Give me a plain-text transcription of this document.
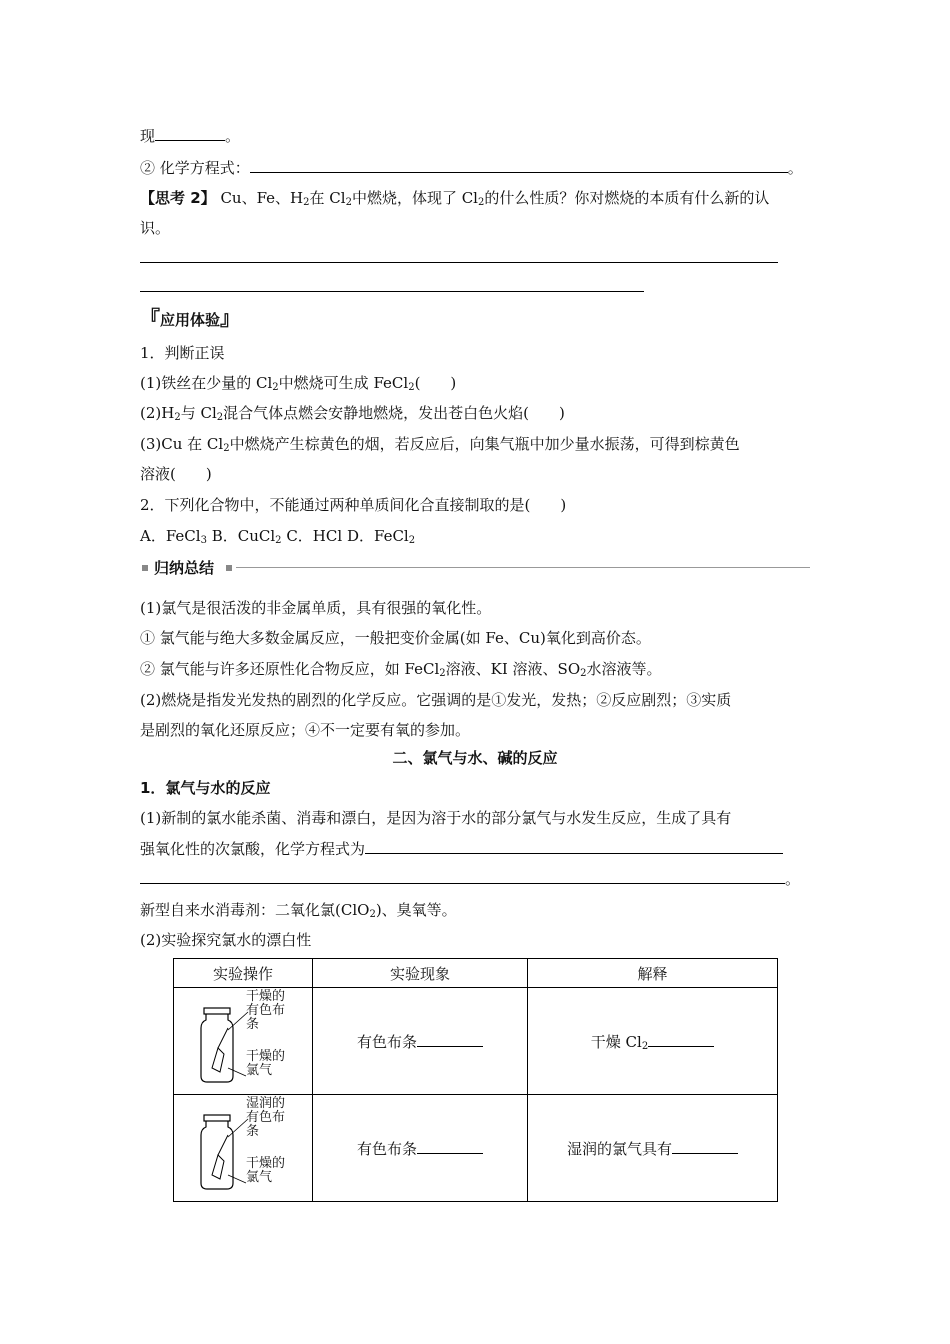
现	。
② 化学方程式：	。
【思考 2】 Cu、Fe、$H_2$在 $Cl_2$中燃烧，体现了 $Cl_2$的什么性质？你对燃烧的本质有什么新的认
识。
『应用体验』
1．判断正误
(1)铁丝在少量的 $Cl_2$中燃烧可生成 FeCl$_2$(　　)
$(2)H_2$与 $Cl_2$混合气体点燃会安静地燃烧，发出苍白色火焰(　　)
(3)Cu 在 $Cl_2$中燃烧产生棕黄色的烟，若反应后，向集气瓶中加少量水振荡，可得到棕黄色
溶液(　　)
2．下列化合物中，不能通过两种单质间化合直接制取的是(　　)
A．FeCl$_3$ B．CuCl$_2$ C．HCl D．FeCl$_2$
归纳总结
(1)氯气是很活泼的非金属单质，具有很强的氧化性。
① 氯气能与绝大多数金属反应，一般把变价金属(如 Fe、Cu)氧化到高价态。
② 氯气能与许多还原性化合物反应，如 FeCl$_2$溶液、KI 溶液、$SO_2$水溶液等。
(2)燃烧是指发光发热的剧烈的化学反应。它强调的是①发光，发热；②反应剧烈；③实质
是剧烈的氧化还原反应；④不一定要有氧的参加。
二、氯气与水、碱的反应
1．氯气与水的反应
(1)新制的氯水能杀菌、消毒和漂白，是因为溶于水的部分氯气与水发生反应，生成了具有
强氧化性的次氯酸，化学方程式为
。
新型自来水消毒剂：二氧化氯(ClO$_2$)、臭氧等。
(2)实验探究氯水的漂白性
实验操作	实验现象	解释

干燥的
有色布
条
干燥的
氯气	有色布条	干燥 $Cl_2$

湿润的
有色布
条
干燥的
氯气	有色布条	湿润的氯气具有
